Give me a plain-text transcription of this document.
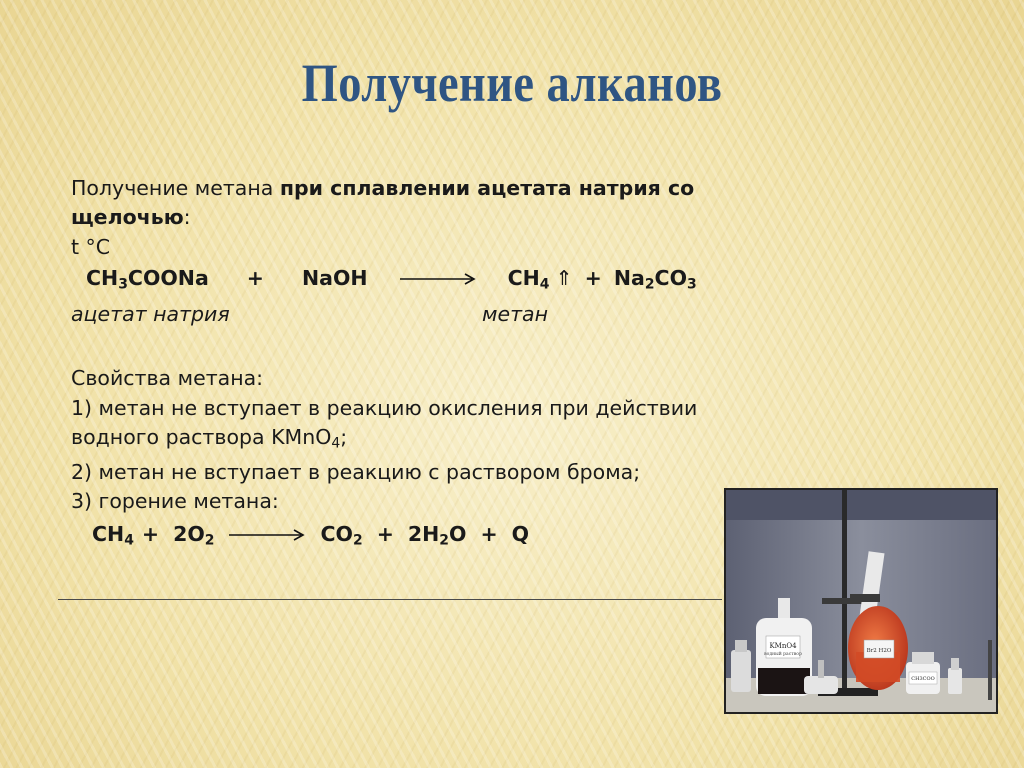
Получение алканов
Получение метана при сплавлении ацетата натрия со
щелочью:
t °C
$CH_3COONa$ + NaOH → $CH_4$ ⇑ + $Na_2CO_3$
ацетат натрия	метан
Свойства метана:
1) метан не вступает в реакцию окисления при действии
водного раствора KMnO$_4$;
2) метан не вступает в реакцию с раствором брома;
3) горение метана:
$CH_4 + 2O_2$	$CO_2 + 2H_2O + Q$
KMnO4
водный раствор
Br2 H2O
CH3COO
